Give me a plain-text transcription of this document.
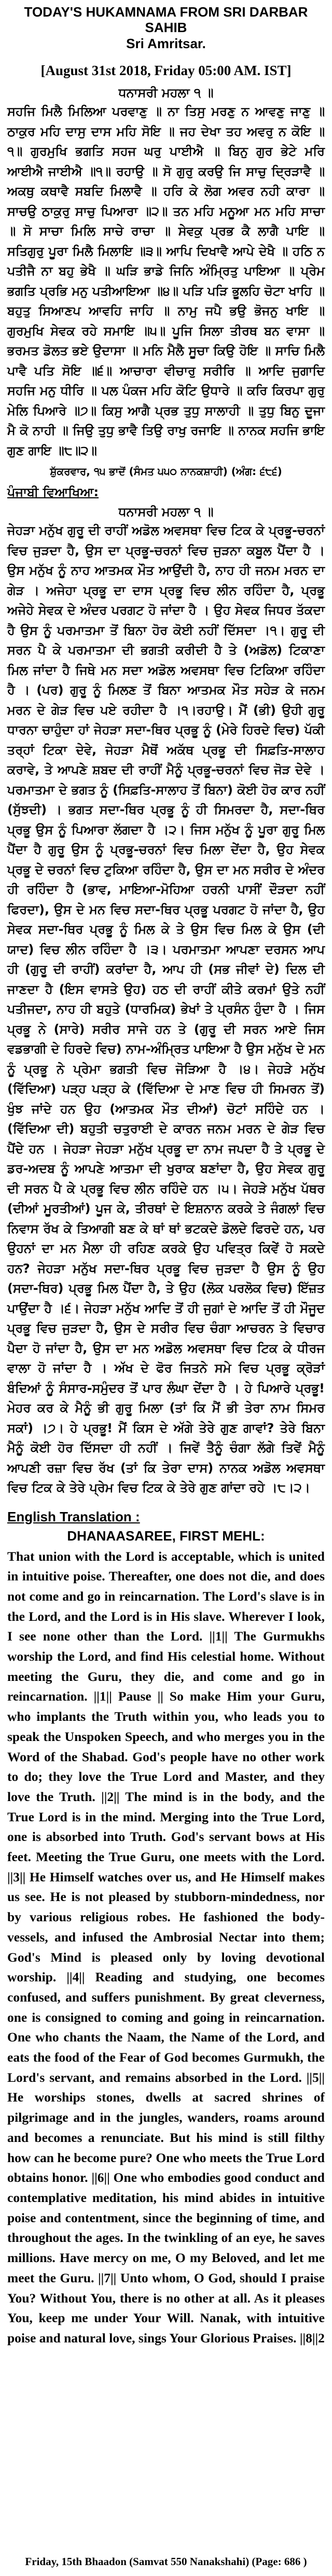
TODAY'S HUKAMNAMA FROM SRI DARBAR SAHIB

Sri Amritsar.

[August 31st 2018, Friday 05:00 AM. IST]

ਧਨਾਸਰੀ ਮਹਲਾ ੧ ॥

ਸਹਜਿ ਮਿਲੈ ਮਿਲਿਆ ਪਰਵਾਣੁ ॥ ਨਾ ਤਿਸੁ ਮਰਣੁ ਨ ਆਵਣੁ ਜਾਣੁ ॥ ਠਾਕੁਰ ਮਹਿ ਦਾਸੁ ਦਾਸ ਮਹਿ ਸੋਇ ॥ ਜਹ ਦੇਖਾ ਤਹ ਅਵਰੁ ਨ ਕੋਇ ॥੧॥ ਗੁਰਮੁਖਿ ਭਗਤਿ ਸਹਜ ਘਰੁ ਪਾਈਐ ॥ ਬਿਨੁ ਗੁਰ ਭੇਟੇ ਮਰਿ ਆਈਐ ਜਾਈਐ ॥੧॥ ਰਹਾਉ ॥ ਸੋ ਗੁਰੁ ਕਰਉ ਜਿ ਸਾਚੁ ਦ੍ਰਿੜਾਵੈ ॥ ਅਕਥੁ ਕਥਾਵੈ ਸਬਦਿ ਮਿਲਾਵੈ ॥ ਹਰਿ ਕੇ ਲੋਗ ਅਵਰ ਨਹੀ ਕਾਰਾ ॥ ਸਾਚਉ ਠਾਕੁਰੁ ਸਾਚੁ ਪਿਆਰਾ ॥੨॥ ਤਨ ਮਹਿ ਮਨੂਆ ਮਨ ਮਹਿ ਸਾਚਾ ॥ ਸੋ ਸਾਚਾ ਮਿਲਿ ਸਾਚੇ ਰਾਚਾ ॥ ਸੇਵਕੁ ਪ੍ਰਭ ਕੈ ਲਾਗੈ ਪਾਇ ॥ ਸਤਿਗੁਰੁ ਪੂਰਾ ਮਿਲੈ ਮਿਲਾਇ ॥੩॥ ਆਪਿ ਦਿਖਾਵੈ ਆਪੇ ਦੇਖੈ ॥ ਹਠਿ ਨ ਪਤੀਜੈ ਨਾ ਬਹੁ ਭੇਖੈ ॥ ਘੜਿ ਭਾਡੇ ਜਿਨਿ ਅੰਮ੍ਰਿਤੁ ਪਾਇਆ ॥ ਪ੍ਰੇਮ ਭਗਤਿ ਪ੍ਰਭਿ ਮਨੁ ਪਤੀਆਇਆ ॥੪॥ ਪੜਿ ਪੜਿ ਭੂਲਹਿ ਚੋਟਾ ਖਾਹਿ ॥ ਬਹੁਤੁ ਸਿਆਣਪ ਆਵਹਿ ਜਾਹਿ ॥ ਨਾਮੁ ਜਪੈ ਭਉ ਭੋਜਨੁ ਖਾਇ ॥ ਗੁਰਮੁਖਿ ਸੇਵਕ ਰਹੇ ਸਮਾਇ ॥੫॥ ਪੂਜਿ ਸਿਲਾ ਤੀਰਥ ਬਨ ਵਾਸਾ ॥ ਭਰਮਤ ਡੋਲਤ ਭਏ ਉਦਾਸਾ ॥ ਮਨਿ ਮੈਲੈ ਸੂਚਾ ਕਿਉ ਹੋਇ ॥ ਸਾਚਿ ਮਿਲੈ ਪਾਵੈ ਪਤਿ ਸੋਇ ॥੬॥ ਆਚਾਰਾ ਵੀਚਾਰੁ ਸਰੀਰਿ ॥ ਆਦਿ ਜੁਗਾਦਿ ਸਹਜਿ ਮਨੁ ਧੀਰਿ ॥ ਪਲ ਪੰਕਜ ਮਹਿ ਕੋਟਿ ਉਧਾਰੇ ॥ ਕਰਿ ਕਿਰਪਾ ਗੁਰੁ ਮੇਲਿ ਪਿਆਰੇ ॥੭॥ ਕਿਸੁ ਆਗੈ ਪ੍ਰਭ ਤੁਧੁ ਸਾਲਾਹੀ ॥ ਤੁਧੁ ਬਿਨੁ ਦੂਜਾ ਮੈ ਕੋ ਨਾਹੀ ॥ ਜਿਉ ਤੁਧੁ ਭਾਵੈ ਤਿਉ ਰਾਖੁ ਰਜਾਇ ॥ ਨਾਨਕ ਸਹਜਿ ਭਾਇ ਗੁਣ ਗਾਇ ॥੮॥੨॥

ਸ਼ੁੱਕਰਵਾਰ, ੧੫ ਭਾਦੋਂ (ਸੰਮਤ ੫੫੦ ਨਾਨਕਸ਼ਾਹੀ) (ਅੰਗ: ੬੮੬)

ਪੰਜਾਬੀ ਵਿਆਖਿਆ:

ਧਨਾਸਰੀ ਮਹਲਾ ੧ ॥

ਜੇਹੜਾ ਮਨੁੱਖ ਗੁਰੂ ਦੀ ਰਾਹੀਂ ਅਡੋਲ ਅਵਸਥਾ ਵਿਚ ਟਿਕ ਕੇ ਪ੍ਰਭੂ-ਚਰਨਾਂ ਵਿਚ ਜੁੜਦਾ ਹੈ, ਉਸ ਦਾ ਪ੍ਰਭੂ-ਚਰਨਾਂ ਵਿਚ ਜੁੜਨਾ ਕਬੂਲ ਪੈਂਦਾ ਹੈ । ਉਸ ਮਨੁੱਖ ਨੂੰ ਨਾਹ ਆਤਮਕ ਮੌਤ ਆਉਂਦੀ ਹੈ, ਨਾਹ ਹੀ ਜਨਮ ਮਰਨ ਦਾ ਗੇੜ । ਅਜੇਹਾ ਪ੍ਰਭੂ ਦਾ ਦਾਸ ਪ੍ਰਭੂ ਵਿਚ ਲੀਨ ਰਹਿੰਦਾ ਹੈ, ਪ੍ਰਭੂ ਅਜੇਹੇ ਸੇਵਕ ਦੇ ਅੰਦਰ ਪਰਗਟ ਹੋ ਜਾਂਦਾ ਹੈ । ਉਹ ਸੇਵਕ ਜਿਧਰ ਤੱਕਦਾ ਹੈ ਉਸ ਨੂੰ ਪਰਮਾਤਮਾ ਤੋਂ ਬਿਨਾ ਹੋਰ ਕੋਈ ਨਹੀਂ ਦਿੱਸਦਾ ।੧। ਗੁਰੂ ਦੀ ਸਰਨ ਪੈ ਕੇ ਪਰਮਾਤਮਾ ਦੀ ਭਗਤੀ ਕਰੀਦੀ ਹੈ ਤੇ (ਅਡੋਲ) ਟਿਕਾਣਾ ਮਿਲ ਜਾਂਦਾ ਹੈ ਜਿਥੇ ਮਨ ਸਦਾ ਅਡੋਲ ਅਵਸਥਾ ਵਿਚ ਟਿਕਿਆ ਰਹਿੰਦਾ ਹੈ । (ਪਰ) ਗੁਰੂ ਨੂੰ ਮਿਲਣ ਤੋਂ ਬਿਨਾ ਆਤਮਕ ਮੌਤ ਸਹੇੜ ਕੇ ਜਨਮ ਮਰਨ ਦੇ ਗੇੜ ਵਿਚ ਪਏ ਰਹੀਦਾ ਹੈ ।੧।ਰਹਾਉ। ਮੈਂ (ਭੀ) ਉਹੀ ਗੁਰੂ ਧਾਰਨਾ ਚਾਹੁੰਦਾ ਹਾਂ ਜੇਹੜਾ ਸਦਾ-ਥਿਰ ਪ੍ਰਭੂ ਨੂੰ (ਮੇਰੇ ਹਿਰਦੇ ਵਿਚ) ਪੱਕੀ ਤਰ੍ਹਾਂ ਟਿਕਾ ਦੇਵੇ, ਜੇਹੜਾ ਮੈਥੋਂ ਅਕੱਥ ਪ੍ਰਭੂ ਦੀ ਸਿਫ਼ਤਿ-ਸਾਲਾਹ ਕਰਾਵੇ, ਤੇ ਆਪਣੇ ਸ਼ਬਦ ਦੀ ਰਾਹੀਂ ਮੈਨੂੰ ਪ੍ਰਭੂ-ਚਰਨਾਂ ਵਿਚ ਜੋੜ ਦੇਵੇ । ਪਰਮਾਤਮਾ ਦੇ ਭਗਤ ਨੂੰ (ਸਿਫ਼ਤਿ-ਸਾਲਾਹ ਤੋਂ ਬਿਨਾ) ਕੋਈ ਹੋਰ ਕਾਰ ਨਹੀਂ (ਸੁੱਝਦੀ) । ਭਗਤ ਸਦਾ-ਥਿਰ ਪ੍ਰਭੂ ਨੂੰ ਹੀ ਸਿਮਰਦਾ ਹੈ, ਸਦਾ-ਥਿਰ ਪ੍ਰਭੂ ਉਸ ਨੂੰ ਪਿਆਰਾ ਲੱਗਦਾ ਹੈ ।੨। ਜਿਸ ਮਨੁੱਖ ਨੂੰ ਪੂਰਾ ਗੁਰੂ ਮਿਲ ਪੈਂਦਾ ਹੈ ਗੁਰੂ ਉਸ ਨੂੰ ਪ੍ਰਭੂ-ਚਰਨਾਂ ਵਿਚ ਮਿਲਾ ਦੇਂਦਾ ਹੈ, ਉਹ ਸੇਵਕ ਪ੍ਰਭੂ ਦੇ ਚਰਨਾਂ ਵਿਚ ਟੁਕਿਆ ਰਹਿੰਦਾ ਹੈ, ਉਸ ਦਾ ਮਨ ਸਰੀਰ ਦੇ ਅੰਦਰ ਹੀ ਰਹਿੰਦਾ ਹੈ (ਭਾਵ, ਮਾਇਆ-ਮੋਹਿਆ ਹਰਨੀ ਪਾਸੀਂ ਦੌੜਦਾ ਨਹੀਂ ਫਿਰਦਾ), ਉਸ ਦੇ ਮਨ ਵਿਚ ਸਦਾ-ਥਿਰ ਪ੍ਰਭੂ ਪਰਗਟ ਹੋ ਜਾਂਦਾ ਹੈ, ਉਹ ਸੇਵਕ ਸਦਾ-ਥਿਰ ਪ੍ਰਭੂ ਨੂੰ ਮਿਲ ਕੇ ਤੇ ਉਸ ਵਿਚ ਮਿਲ ਕੇ ਉਸ (ਦੀ ਯਾਦ) ਵਿਚ ਲੀਨ ਰਹਿੰਦਾ ਹੈ ।੩। ਪਰਮਾਤਮਾ ਆਪਣਾ ਦਰਸਨ ਆਪ ਹੀ (ਗੁਰੂ ਦੀ ਰਾਹੀਂ) ਕਰਾਂਦਾ ਹੈ, ਆਪ ਹੀ (ਸਭ ਜੀਵਾਂ ਦੇ) ਦਿਲ ਦੀ ਜਾਣਦਾ ਹੈ (ਇਸ ਵਾਸਤੇ ਉਹ) ਹਠ ਦੀ ਰਾਹੀਂ ਕੀਤੇ ਕਰਮਾਂ ਉਤੇ ਨਹੀਂ ਪਤੀਜਦਾ, ਨਾਹ ਹੀ ਬਹੁਤੇ (ਧਾਰਮਿਕ) ਭੇਖਾਂ ਤੇ ਪ੍ਰਸੰਨ ਹੁੰਦਾ ਹੈ । ਜਿਸ ਪ੍ਰਭੂ ਨੇ (ਸਾਰੇ) ਸਰੀਰ ਸਾਜੇ ਹਨ ਤੇ (ਗੁਰੂ ਦੀ ਸਰਨ ਆਏ ਜਿਸ ਵਡਭਾਗੀ ਦੇ ਹਿਰਦੇ ਵਿਚ) ਨਾਮ-ਅੰਮ੍ਰਿਤ ਪਾਇਆ ਹੈ ਉਸ ਮਨੁੱਖ ਦੇ ਮਨ ਨੂੰ ਪ੍ਰਭੂ ਨੇ ਪ੍ਰੇਮਾ ਭਗਤੀ ਵਿਚ ਜੋੜਿਆ ਹੈ ।੪। ਜੇਹੜੇ ਮਨੁੱਖ (ਵਿੱਦਿਆ) ਪੜ੍ਹ ਪੜ੍ਹ ਕੇ (ਵਿੱਦਿਆ ਦੇ ਮਾਣ ਵਿਚ ਹੀ ਸਿਮਰਨ ਤੋਂ) ਖੁੰਝ ਜਾਂਦੇ ਹਨ ਉਹ (ਆਤਮਕ ਮੌਤ ਦੀਆਂ) ਚੋਟਾਂ ਸਹਿੰਦੇ ਹਨ । (ਵਿੱਦਿਆ ਦੀ) ਬਹੁਤੀ ਚਤੁਰਾਈ ਦੇ ਕਾਰਨ ਜਨਮ ਮਰਨ ਦੇ ਗੇੜ ਵਿਚ ਪੈਂਦੇ ਹਨ । ਜੇਹੜਾ ਜੇਹੜਾ ਮਨੁੱਖ ਪ੍ਰਭੂ ਦਾ ਨਾਮ ਜਪਦਾ ਹੈ ਤੇ ਪ੍ਰਭੂ ਦੇ ਡਰ-ਅਦਬ ਨੂੰ ਆਪਣੇ ਆਤਮਾ ਦੀ ਖੁਰਾਕ ਬਣਾਂਦਾ ਹੈ, ਉਹ ਸੇਵਕ ਗੁਰੂ ਦੀ ਸਰਨ ਪੈ ਕੇ ਪ੍ਰਭੂ ਵਿਚ ਲੀਨ ਰਹਿੰਦੇ ਹਨ ।੫। ਜੇਹੜੇ ਮਨੁੱਖ ਪੱਥਰ (ਦੀਆਂ ਮੂਰਤੀਆਂ) ਪੂਜ ਕੇ, ਤੀਰਥਾਂ ਦੇ ਇਸ਼ਨਾਨ ਕਰਕੇ ਤੇ ਜੰਗਲਾਂ ਵਿਚ ਨਿਵਾਸ ਰੱਖ ਕੇ ਤਿਆਗੀ ਬਣ ਕੇ ਥਾਂ ਥਾਂ ਭਟਕਦੇ ਡੋਲਦੇ ਫਿਰਦੇ ਹਨ, ਪਰ ਉਹਨਾਂ ਦਾ ਮਨ ਮੈਲਾ ਹੀ ਰਹਿਣ ਕਰਕੇ ਉਹ ਪਵਿਤ੍ਰ ਕਿਵੇਂ ਹੋ ਸਕਦੇ ਹਨ? ਜੇਹੜਾ ਮਨੁੱਖ ਸਦਾ-ਥਿਰ ਪ੍ਰਭੂ ਵਿਚ ਜੁੜਦਾ ਹੈ ਉਸ ਨੂੰ ਉਹ (ਸਦਾ-ਥਿਰ) ਪ੍ਰਭੂ ਮਿਲ ਪੈਂਦਾ ਹੈ, ਤੇ ਉਹ (ਲੋਕ ਪਰਲੋਕ ਵਿਚ) ਇੱਜ਼ਤ ਪਾਉਂਦਾ ਹੈ ।੬। ਜੇਹੜਾ ਮਨੁੱਖ ਆਦਿ ਤੋਂ ਹੀ ਜੁਗਾਂ ਦੇ ਆਦਿ ਤੋਂ ਹੀ ਮੌਜੂਦ ਪ੍ਰਭੂ ਵਿਚ ਜੁੜਦਾ ਹੈ, ਉਸ ਦੇ ਸਰੀਰ ਵਿਚ ਚੰਗਾ ਆਚਰਨ ਤੇ ਵਿਚਾਰ ਪੈਦਾ ਹੋ ਜਾਂਦਾ ਹੈ, ਉਸ ਦਾ ਮਨ ਅਡੋਲ ਅਵਸਥਾ ਵਿਚ ਟਿਕ ਕੇ ਧੀਰਜ ਵਾਲਾ ਹੋ ਜਾਂਦਾ ਹੈ । ਅੱਖ ਦੇ ਫੋਰ ਜਿਤਨੇ ਸਮੇ ਵਿਚ ਪ੍ਰਭੂ ਕ੍ਰੋੜਾਂ ਬੰਦਿਆਂ ਨੂੰ ਸੰਸਾਰ-ਸਮੁੰਦਰ ਤੋਂ ਪਾਰ ਲੰਘਾ ਦੇਂਦਾ ਹੈ । ਹੇ ਪਿਆਰੇ ਪ੍ਰਭੂ! ਮੇਹਰ ਕਰ ਕੇ ਮੈਨੂੰ ਭੀ ਗੁਰੂ ਮਿਲਾ (ਤਾਂ ਕਿ ਮੈਂ ਭੀ ਤੇਰਾ ਨਾਮ ਸਿਮਰ ਸਕਾਂ) ।੭। ਹੇ ਪ੍ਰਭੂ! ਮੈਂ ਕਿਸ ਦੇ ਅੱਗੇ ਤੇਰੇ ਗੁਣ ਗਾਵਾਂ? ਤੇਰੇ ਬਿਨਾ ਮੈਨੂੰ ਕੋਈ ਹੋਰ ਦਿੱਸਦਾ ਹੀ ਨਹੀਂ । ਜਿਵੇਂ ਤੈਨੂੰ ਚੰਗਾ ਲੱਗੇ ਤਿਵੇਂ ਮੈਨੂੰ ਆਪਣੀ ਰਜ਼ਾ ਵਿਚ ਰੱਖ (ਤਾਂ ਕਿ ਤੇਰਾ ਦਾਸ) ਨਾਨਕ ਅਡੋਲ ਅਵਸਥਾ ਵਿਚ ਟਿਕ ਕੇ ਤੇਰੇ ਪ੍ਰੇਮ ਵਿਚ ਟਿਕ ਕੇ ਤੇਰੇ ਗੁਣ ਗਾਂਦਾ ਰਹੇ ।੮।੨।

English Translation :

DHANAASAREE, FIRST MEHL:

That union with the Lord is acceptable, which is united in intuitive poise. Thereafter, one does not die, and does not come and go in reincarnation. The Lord's slave is in the Lord, and the Lord is in His slave. Wherever I look, I see none other than the Lord. ||1|| The Gurmukhs worship the Lord, and find His celestial home. Without meeting the Guru, they die, and come and go in reincarnation. ||1|| Pause || So make Him your Guru, who implants the Truth within you, who leads you to speak the Unspoken Speech, and who merges you in the Word of the Shabad. God's people have no other work to do; they love the True Lord and Master, and they love the Truth. ||2|| The mind is in the body, and the True Lord is in the mind. Merging into the True Lord, one is absorbed into Truth. God's servant bows at His feet. Meeting the True Guru, one meets with the Lord. ||3|| He Himself watches over us, and He Himself makes us see. He is not pleased by stubborn-mindedness, nor by various religious robes. He fashioned the body-vessels, and infused the Ambrosial Nectar into them; God's Mind is pleased only by loving devotional worship. ||4|| Reading and studying, one becomes confused, and suffers punishment. By great cleverness, one is consigned to coming and going in reincarnation. One who chants the Naam, the Name of the Lord, and eats the food of the Fear of God becomes Gurmukh, the Lord's servant, and remains absorbed in the Lord. ||5|| He worships stones, dwells at sacred shrines of pilgrimage and in the jungles, wanders, roams around and becomes a renunciate. But his mind is still filthy how can he become pure? One who meets the True Lord obtains honor. ||6|| One who embodies good conduct and contemplative meditation, his mind abides in intuitive poise and contentment, since the beginning of time, and throughout the ages. In the twinkling of an eye, he saves millions. Have mercy on me, O my Beloved, and let me meet the Guru. ||7|| Unto whom, O God, should I praise You? Without You, there is no other at all. As it pleases You, keep me under Your Will. Nanak, with intuitive poise and natural love, sings Your Glorious Praises. ||8||2

Friday, 15th Bhaadon (Samvat 550 Nanakshahi) (Page: 686 )
